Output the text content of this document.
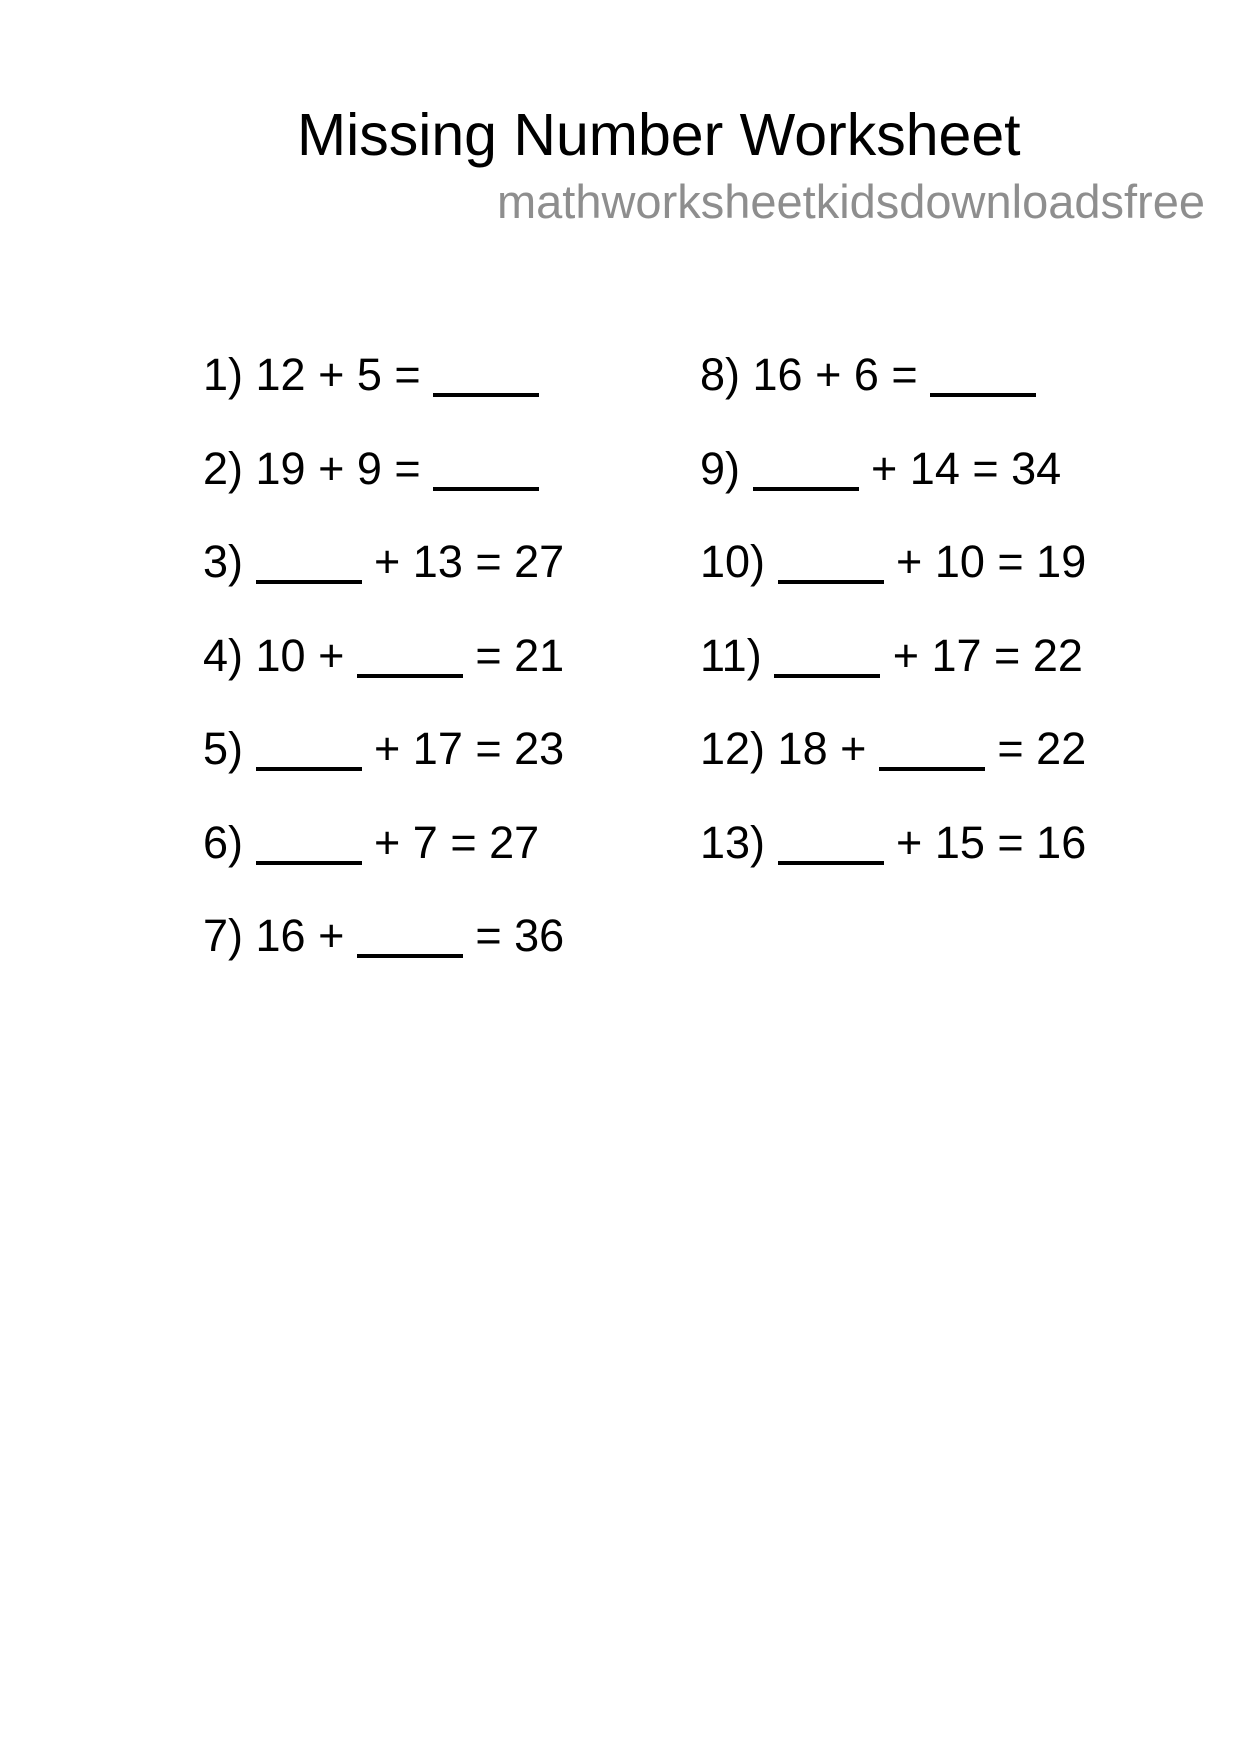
Missing Number Worksheet
mathworksheetkidsdownloadsfree
1) 12 + 5 =
2) 19 + 9 =
3)  + 13 = 27
4) 10 +  = 21
5)  + 17 = 23
6)  + 7 = 27
7) 16 +  = 36
8) 16 + 6 =
9)  + 14 = 34
10)  + 10 = 19
11)  + 17 = 22
12) 18 +  = 22
13)  + 15 = 16
